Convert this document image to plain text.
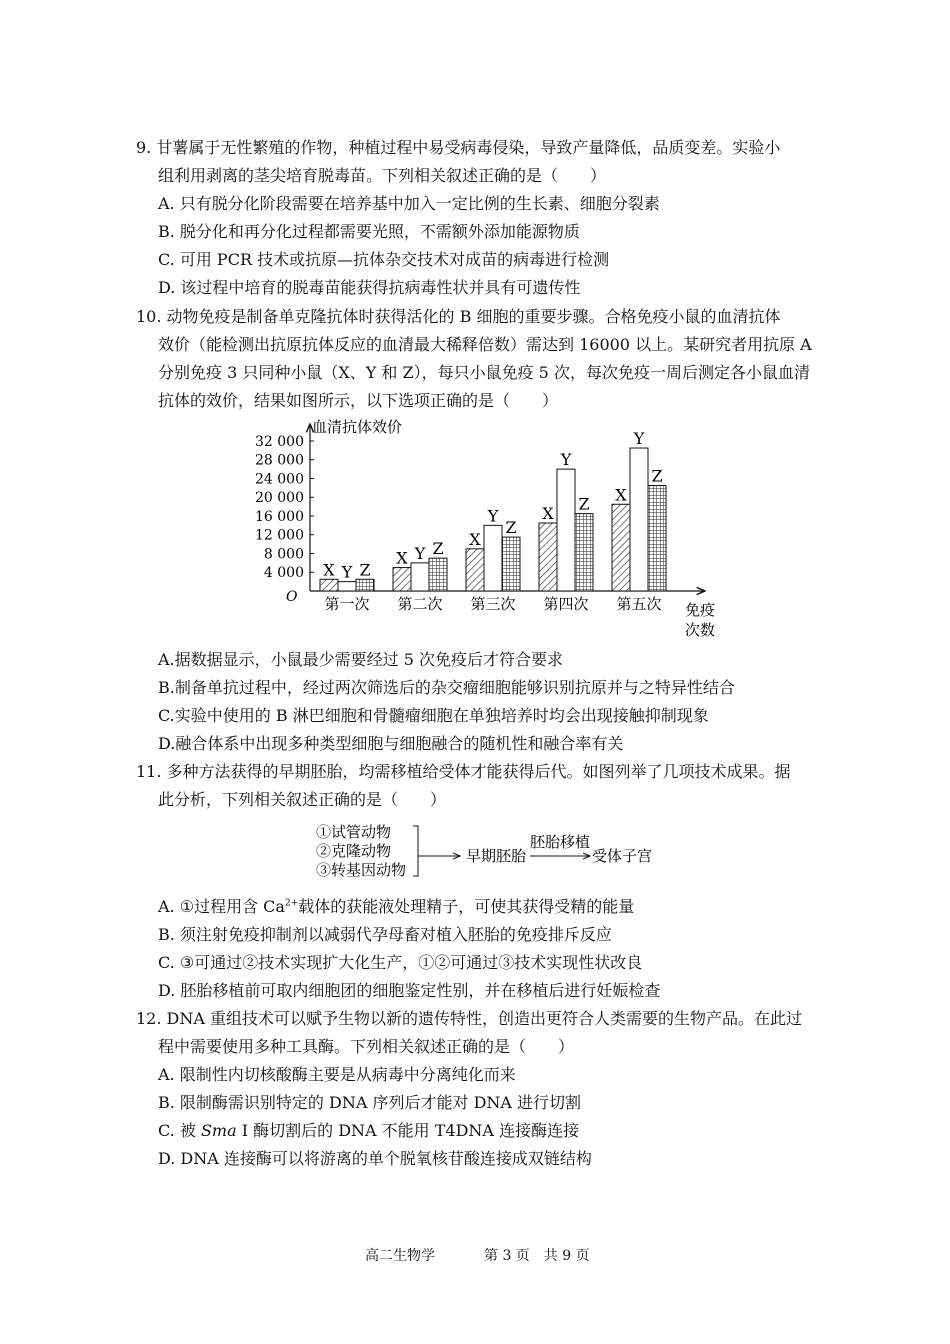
9. 甘薯属于无性繁殖的作物，种植过程中易受病毒侵染，导致产量降低，品质变差。实验小
组利用剥离的茎尖培育脱毒苗。下列相关叙述正确的是（　　）
A. 只有脱分化阶段需要在培养基中加入一定比例的生长素、细胞分裂素
B. 脱分化和再分化过程都需要光照，不需额外添加能源物质
C. 可用 PCR 技术或抗原—抗体杂交技术对成苗的病毒进行检测
D. 该过程中培育的脱毒苗能获得抗病毒性状并具有可遗传性
10. 动物免疫是制备单克隆抗体时获得活化的 B 细胞的重要步骤。合格免疫小鼠的血清抗体
效价（能检测出抗原抗体反应的血清最大稀释倍数）需达到 16000 以上。某研究者用抗原 A
分别免疫 3 只同种小鼠（X、Y 和 Z），每只小鼠免疫 5 次，每次免疫一周后测定各小鼠血清
抗体的效价，结果如图所示，以下选项正确的是（　　）
血清抗体效价
O
4 000
8 000
12 000
16 000
20 000
24 000
28 000
32 000
X Y Z
第一次
X Y Z
第二次
X
Y
Z
第三次
X
Y
Z
第四次
X
Y
Z
第五次 免疫
次数
A.据数据显示，小鼠最少需要经过 5 次免疫后才符合要求
B.制备单抗过程中，经过两次筛选后的杂交瘤细胞能够识别抗原并与之特异性结合
C.实验中使用的 B 淋巴细胞和骨髓瘤细胞在单独培养时均会出现接触抑制现象
D.融合体系中出现多种类型细胞与细胞融合的随机性和融合率有关
11. 多种方法获得的早期胚胎，均需移植给受体才能获得后代。如图列举了几项技术成果。据
此分析，下列相关叙述正确的是（　　）
①试管动物
②克隆动物
③转基因动物
早期胚胎
胚胎移植
受体子宫
A. ①过程用含 $Ca^{2+}$载体的获能液处理精子，可使其获得受精的能量
B. 须注射免疫抑制剂以减弱代孕母畜对植入胚胎的免疫排斥反应
C. ③可通过②技术实现扩大化生产，①②可通过③技术实现性状改良
D. 胚胎移植前可取内细胞团的细胞鉴定性别，并在移植后进行妊娠检查
12. DNA 重组技术可以赋予生物以新的遗传特性，创造出更符合人类需要的生物产品。在此过
程中需要使用多种工具酶。下列相关叙述正确的是（　　）
A. 限制性内切核酸酶主要是从病毒中分离纯化而来
B. 限制酶需识别特定的 DNA 序列后才能对 DNA 进行切割
C. 被 Sma Ⅰ 酶切割后的 DNA 不能用 T4DNA 连接酶连接
D. DNA 连接酶可以将游离的单个脱氧核苷酸连接成双链结构
高二生物学	第 3 页　共 9 页
